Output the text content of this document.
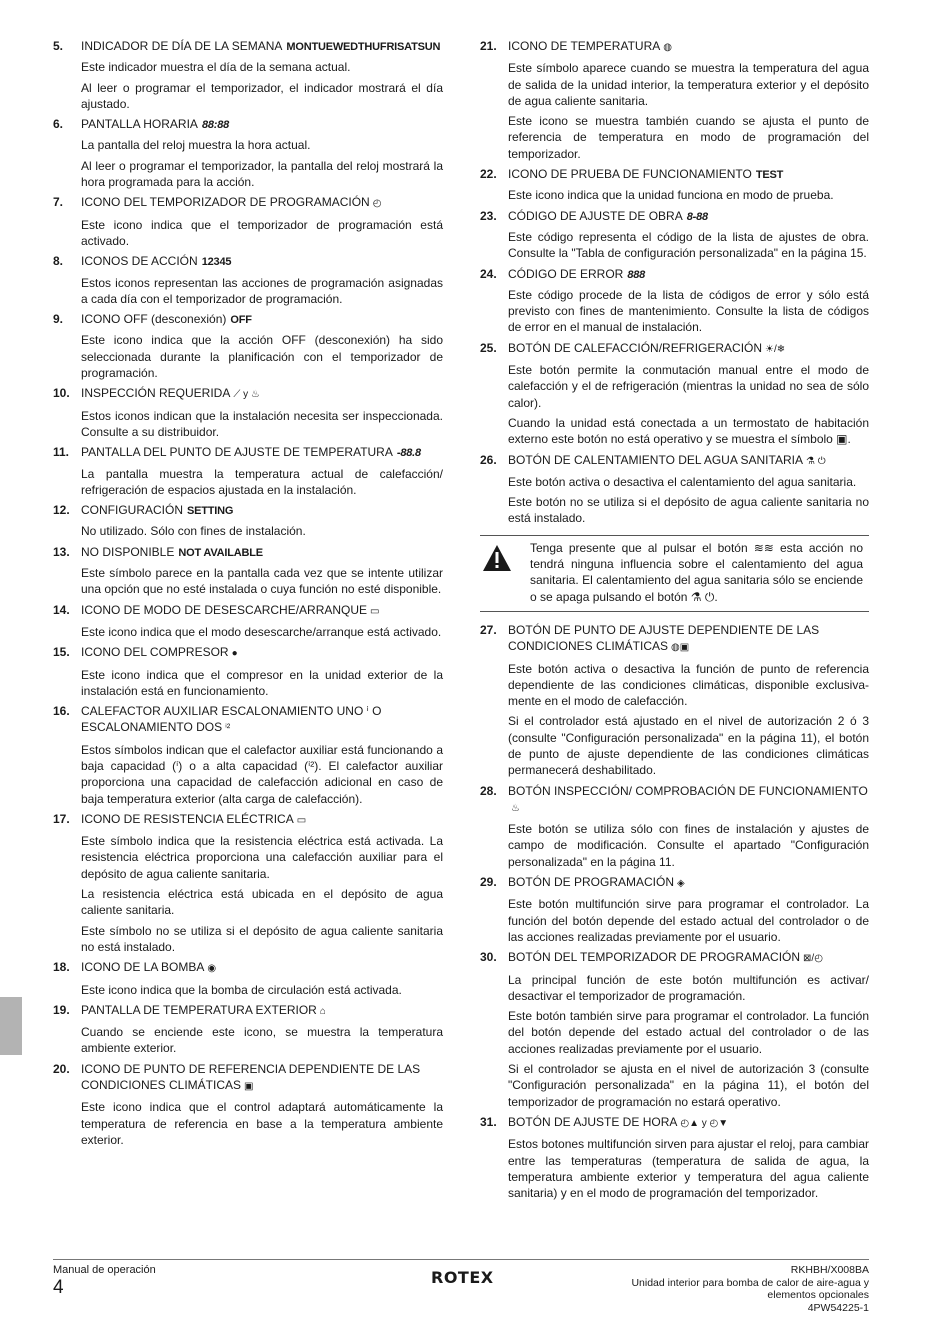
5. INDICADOR DE DÍA DE LA SEMANA MONTUEWEDTHUFRISATSUN
Este indicador muestra el día de la semana actual.
Al leer o programar el temporizador, el indicador mostrará el día ajustado.
6. PANTALLA HORARIA 88:88
La pantalla del reloj muestra la hora actual.
Al leer o programar el temporizador, la pantalla del reloj mostrará la hora programada para la acción.
7. ICONO DEL TEMPORIZADOR DE PROGRAMACIÓN ◴
Este icono indica que el temporizador de programación está activado.
8. ICONOS DE ACCIÓN 12345
Estos iconos representan las acciones de programación asignadas a cada día con el temporizador de programación.
9. ICONO OFF (desconexión) OFF
Este icono indica que la acción OFF (desconexión) ha sido seleccionada durante la planificación con el temporizador de programación.
10. INSPECCIÓN REQUERIDA ⟋ y ♨
Estos iconos indican que la instalación necesita ser inspeccionada. Consulte a su distribuidor.
11. PANTALLA DEL PUNTO DE AJUSTE DE TEMPERATURA -88.8
La pantalla muestra la temperatura actual de calefacción/ refrigeración de espacios ajustada en la instalación.
12. CONFIGURACIÓN SETTING
No utilizado. Sólo con fines de instalación.
13. NO DISPONIBLE NOT AVAILABLE
Este símbolo parece en la pantalla cada vez que se intente utilizar una opción que no esté instalada o cuya función no esté disponible.
14. ICONO DE MODO DE DESESCARCHE/ARRANQUE ▭
Este icono indica que el modo desescarche/arranque está activado.
15. ICONO DEL COMPRESOR ●
Este icono indica que el compresor en la unidad exterior de la instalación está en funcionamiento.
16. CALEFACTOR AUXILIAR ESCALONAMIENTO UNO ⁱ O ESCALONAMIENTO DOS ⁱ²
Estos símbolos indican que el calefactor auxiliar está funcionando a baja capacidad (ⁱ) o a alta capacidad (ⁱ²). El calefactor auxiliar proporciona una capacidad de calefacción adicional en caso de baja temperatura exterior (alta carga de calefacción).
17. ICONO DE RESISTENCIA ELÉCTRICA ▭
Este símbolo indica que la resistencia eléctrica está activada. La resistencia eléctrica proporciona una calefacción auxiliar para el depósito de agua caliente sanitaria.
La resistencia eléctrica está ubicada en el depósito de agua caliente sanitaria.
Este símbolo no se utiliza si el depósito de agua caliente sanitaria no está instalado.
18. ICONO DE LA BOMBA ◉
Este icono indica que la bomba de circulación está activada.
19. PANTALLA DE TEMPERATURA EXTERIOR ⌂
Cuando se enciende este icono, se muestra la temperatura ambiente exterior.
20. ICONO DE PUNTO DE REFERENCIA DEPENDIENTE DE LAS CONDICIONES CLIMÁTICAS ▣
Este icono indica que el control adaptará automáticamente la temperatura de referencia en base a la temperatura ambiente exterior.
21. ICONO DE TEMPERATURA ◍
Este símbolo aparece cuando se muestra la temperatura del agua de salida de la unidad interior, la temperatura exterior y el depósito de agua caliente sanitaria.
Este icono se muestra también cuando se ajusta el punto de referencia de temperatura en modo de programación del temporizador.
22. ICONO DE PRUEBA DE FUNCIONAMIENTO TEST
Este icono indica que la unidad funciona en modo de prueba.
23. CÓDIGO DE AJUSTE DE OBRA 8-88
Este código representa el código de la lista de ajustes de obra. Consulte la "Tabla de configuración personalizada" en la página 15.
24. CÓDIGO DE ERROR 888
Este código procede de la lista de códigos de error y sólo está previsto con fines de mantenimiento. Consulte la lista de códigos de error en el manual de instalación.
25. BOTÓN DE CALEFACCIÓN/REFRIGERACIÓN ☀/❄
Este botón permite la conmutación manual entre el modo de calefacción y el de refrigeración (mientras la unidad no sea de sólo calor).
Cuando la unidad está conectada a un termostato de habitación externo este botón no está operativo y se muestra el símbolo ▣.
26. BOTÓN DE CALENTAMIENTO DEL AGUA SANITARIA ⚗ ⏻
Este botón activa o desactiva el calentamiento del agua sanitaria.
Este botón no se utiliza si el depósito de agua caliente sanitaria no está instalado.
Tenga presente que al pulsar el botón ≋≋ esta acción no tendrá ninguna influencia sobre el calentamiento del agua sanitaria. El calentamiento del agua sanitaria sólo se enciende o se apaga pulsando el botón ⚗ ⏻.
27. BOTÓN DE PUNTO DE AJUSTE DEPENDIENTE DE LAS CONDICIONES CLIMÁTICAS ◍▣
Este botón activa o desactiva la función de punto de referencia dependiente de las condiciones climáticas, disponible exclusiva- mente en el modo de calefacción.
Si el controlador está ajustado en el nivel de autorización 2 ó 3 (consulte "Configuración personalizada" en la página 11), el botón de punto de ajuste dependiente de las condiciones climáticas permanecerá deshabilitado.
28. BOTÓN INSPECCIÓN/ COMPROBACIÓN DE FUNCIONAMIENTO♨
Este botón se utiliza sólo con fines de instalación y ajustes de campo de modificación. Consulte el apartado "Configuración personalizada" en la página 11.
29. BOTÓN DE PROGRAMACIÓN ◈
Este botón multifunción sirve para programar el controlador. La función del botón depende del estado actual del controlador o de las acciones realizadas previamente por el usuario.
30. BOTÓN DEL TEMPORIZADOR DE PROGRAMACIÓN ⊠/◴
La principal función de este botón multifunción es activar/ desactivar el temporizador de programación.
Este botón también sirve para programar el controlador. La función del botón depende del estado actual del controlador o de las acciones realizadas previamente por el usuario.
Si el controlador se ajusta en el nivel de autorización 3 (consulte "Configuración personalizada" en la página 11), el botón del temporizador de programación no estará operativo.
31. BOTÓN DE AJUSTE DE HORA ◴▲ y ◴▼
Estos botones multifunción sirven para ajustar el reloj, para cambiar entre las temperaturas (temperatura de salida de agua, la temperatura ambiente exterior y temperatura del agua caliente sanitaria) y en el modo de programación del temporizador.
Manual de operación
4	ROTEX	RKHBH/X008BA
Unidad interior para bomba de calor de aire-agua y
elementos opcionales
4PW54225-1
